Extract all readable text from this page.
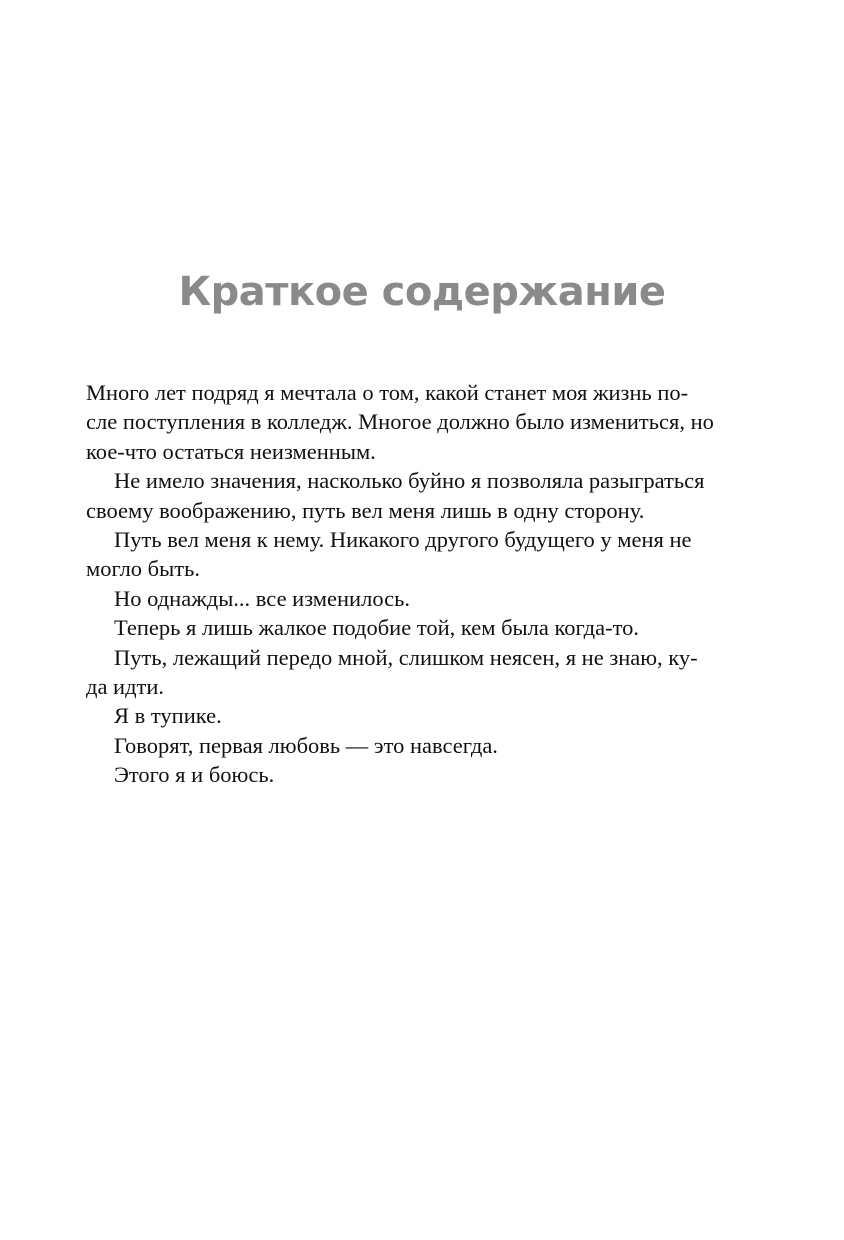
Краткое содержание
Много лет подряд я мечтала о том, какой станет моя жизнь по-
сле поступления в колледж. Многое должно было измениться, но
кое-что остаться неизменным.
Не имело значения, насколько буйно я позволяла разыграться
своему воображению, путь вел меня лишь в одну сторону.
Путь вел меня к нему. Никакого другого будущего у меня не
могло быть.
Но однажды... все изменилось.
Теперь я лишь жалкое подобие той, кем была когда-то.
Путь, лежащий передо мной, слишком неясен, я не знаю, ку-
да идти.
Я в тупике.
Говорят, первая любовь — это навсегда.
Этого я и боюсь.
